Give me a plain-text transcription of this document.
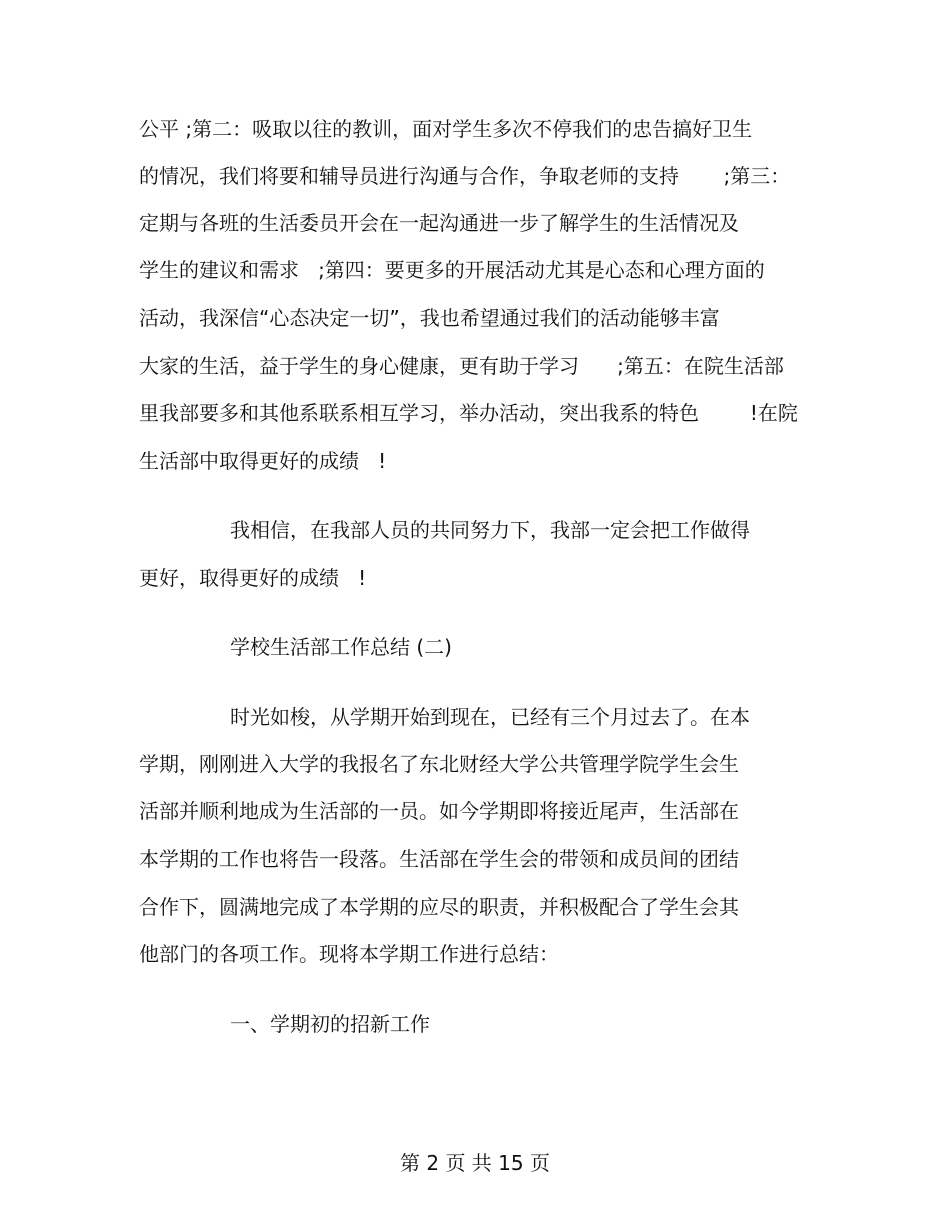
公平 ;第二：吸取以往的教训，面对学生多次不停我们的忠告搞好卫生
的情况，我们将要和辅导员进行沟通与合作，争取老师的支持       ;第三：
定期与各班的生活委员开会在一起沟通进一步了解学生的生活情况及
学生的建议和需求   ;第四：要更多的开展活动尤其是心态和心理方面的
活动，我深信“心态决定一切”，我也希望通过我们的活动能够丰富
大家的生活，益于学生的身心健康，更有助于学习      ;第五：在院生活部
里我部要多和其他系联系相互学习，举办活动，突出我系的特色        !在院
生活部中取得更好的成绩   !
我相信，在我部人员的共同努力下，我部一定会把工作做得
更好，取得更好的成绩   !
学校生活部工作总结 (二)
时光如梭，从学期开始到现在，已经有三个月过去了。在本
学期，刚刚进入大学的我报名了东北财经大学公共管理学院学生会生
活部并顺利地成为生活部的一员。如今学期即将接近尾声，生活部在
本学期的工作也将告一段落。生活部在学生会的带领和成员间的团结
合作下，圆满地完成了本学期的应尽的职责，并积极配合了学生会其
他部门的各项工作。现将本学期工作进行总结：
一、学期初的招新工作
第 2 页 共 15 页
